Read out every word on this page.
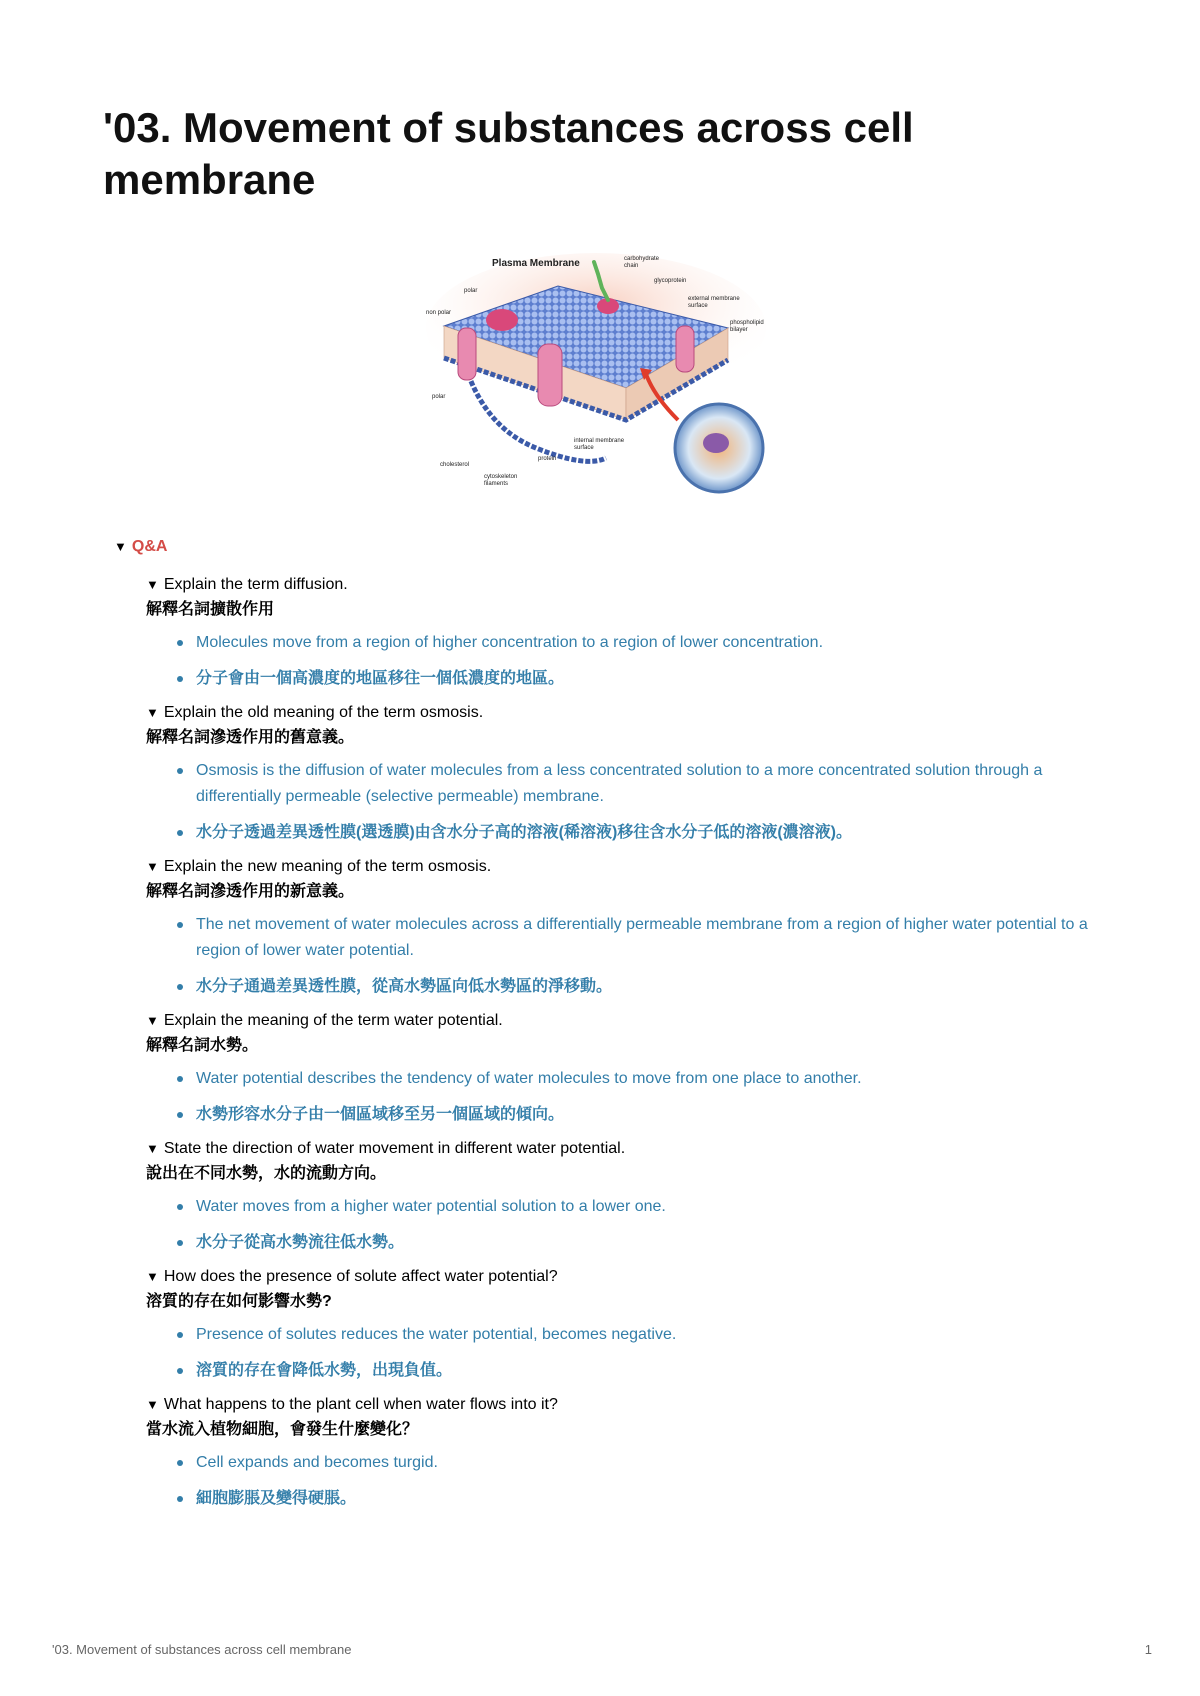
'03. Movement of substances across cell membrane
Plasma Membrane	carbohydrate
chain
glycoprotein
external membrane
surface
phospholipid
bilayer
polar
non polar
polar
cholesterol
cytoskeleton
filaments
protein
internal membrane
surface
▼ Q&A
▼ Explain the term diffusion.
解釋名詞擴散作用
Molecules move from a region of higher concentration to a region of lower concentration.
分子會由一個高濃度的地區移往一個低濃度的地區。
▼ Explain the old meaning of the term osmosis.
解釋名詞滲透作用的舊意義。
Osmosis is the diffusion of water molecules from a less concentrated solution to a more concentrated solution through a differentially permeable (selective permeable) membrane.
水分子透過差異透性膜(選透膜)由含水分子高的溶液(稀溶液)移往含水分子低的溶液(濃溶液)。
▼ Explain the new meaning of the term osmosis.
解釋名詞滲透作用的新意義。
The net movement of water molecules across a differentially permeable membrane from a region of higher water potential to a region of lower water potential.
水分子通過差異透性膜，從高水勢區向低水勢區的淨移動。
▼ Explain the meaning of the term water potential.
解釋名詞水勢。
Water potential describes the tendency of water molecules to move from one place to another.
水勢形容水分子由一個區域移至另一個區域的傾向。
▼ State the direction of water movement in different water potential.
說出在不同水勢，水的流動方向。
Water moves from a higher water potential solution to a lower one.
水分子從高水勢流往低水勢。
▼ How does the presence of solute affect water potential?
溶質的存在如何影響水勢?
Presence of solutes reduces the water potential, becomes negative.
溶質的存在會降低水勢，出現負值。
▼ What happens to the plant cell when water flows into it?
當水流入植物細胞，會發生什麼變化？
Cell expands and becomes turgid.
細胞膨脹及變得硬脹。
'03. Movement of substances across cell membrane	1
